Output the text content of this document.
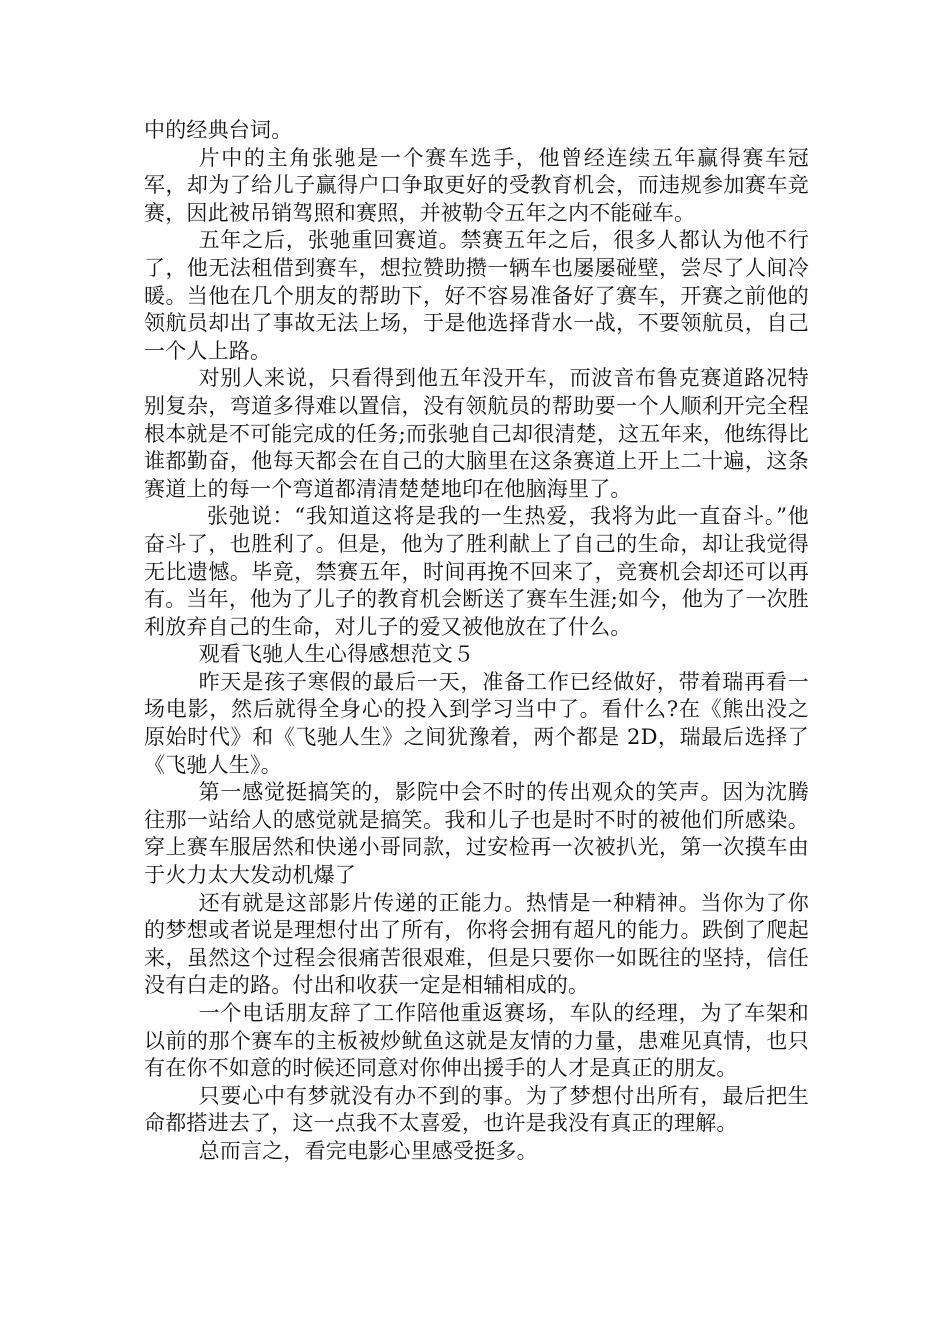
中的经典台词。

片中的主角张驰是一个赛车选手，他曾经连续五年赢得赛车冠军，却为了给儿子赢得户口争取更好的受教育机会，而违规参加赛车竞赛，因此被吊销驾照和赛照，并被勒令五年之内不能碰车。

五年之后，张驰重回赛道。禁赛五年之后，很多人都认为他不行了，他无法租借到赛车，想拉赞助攒一辆车也屡屡碰壁，尝尽了人间冷暖。当他在几个朋友的帮助下，好不容易准备好了赛车，开赛之前他的领航员却出了事故无法上场，于是他选择背水一战，不要领航员，自己一个人上路。

对别人来说，只看得到他五年没开车，而波音布鲁克赛道路况特别复杂，弯道多得难以置信，没有领航员的帮助要一个人顺利开完全程根本就是不可能完成的任务;而张驰自己却很清楚，这五年来，他练得比谁都勤奋，他每天都会在自己的大脑里在这条赛道上开上二十遍，这条赛道上的每一个弯道都清清楚楚地印在他脑海里了。

张弛说：“我知道这将是我的一生热爱，我将为此一直奋斗。”他奋斗了，也胜利了。但是，他为了胜利献上了自己的生命，却让我觉得无比遗憾。毕竟，禁赛五年，时间再挽不回来了，竞赛机会却还可以再有。当年，他为了儿子的教育机会断送了赛车生涯;如今，他为了一次胜利放弃自己的生命，对儿子的爱又被他放在了什么。

观看飞驰人生心得感想范文５

昨天是孩子寒假的最后一天，准备工作已经做好，带着瑞再看一场电影，然后就得全身心的投入到学习当中了。看什么?在《熊出没之原始时代》和《飞驰人生》之间犹豫着，两个都是 2D，瑞最后选择了《飞驰人生》。

第一感觉挺搞笑的，影院中会不时的传出观众的笑声。因为沈腾往那一站给人的感觉就是搞笑。我和儿子也是时不时的被他们所感染。穿上赛车服居然和快递小哥同款，过安检再一次被扒光，第一次摸车由于火力太大发动机爆了

还有就是这部影片传递的正能力。热情是一种精神。当你为了你的梦想或者说是理想付出了所有，你将会拥有超凡的能力。跌倒了爬起来，虽然这个过程会很痛苦很艰难，但是只要你一如既往的坚持，信任没有白走的路。付出和收获一定是相辅相成的。

一个电话朋友辞了工作陪他重返赛场，车队的经理，为了车架和以前的那个赛车的主板被炒鱿鱼这就是友情的力量，患难见真情，也只有在你不如意的时候还同意对你伸出援手的人才是真正的朋友。

只要心中有梦就没有办不到的事。为了梦想付出所有，最后把生命都搭进去了，这一点我不太喜爱，也许是我没有真正的理解。

总而言之，看完电影心里感受挺多。
